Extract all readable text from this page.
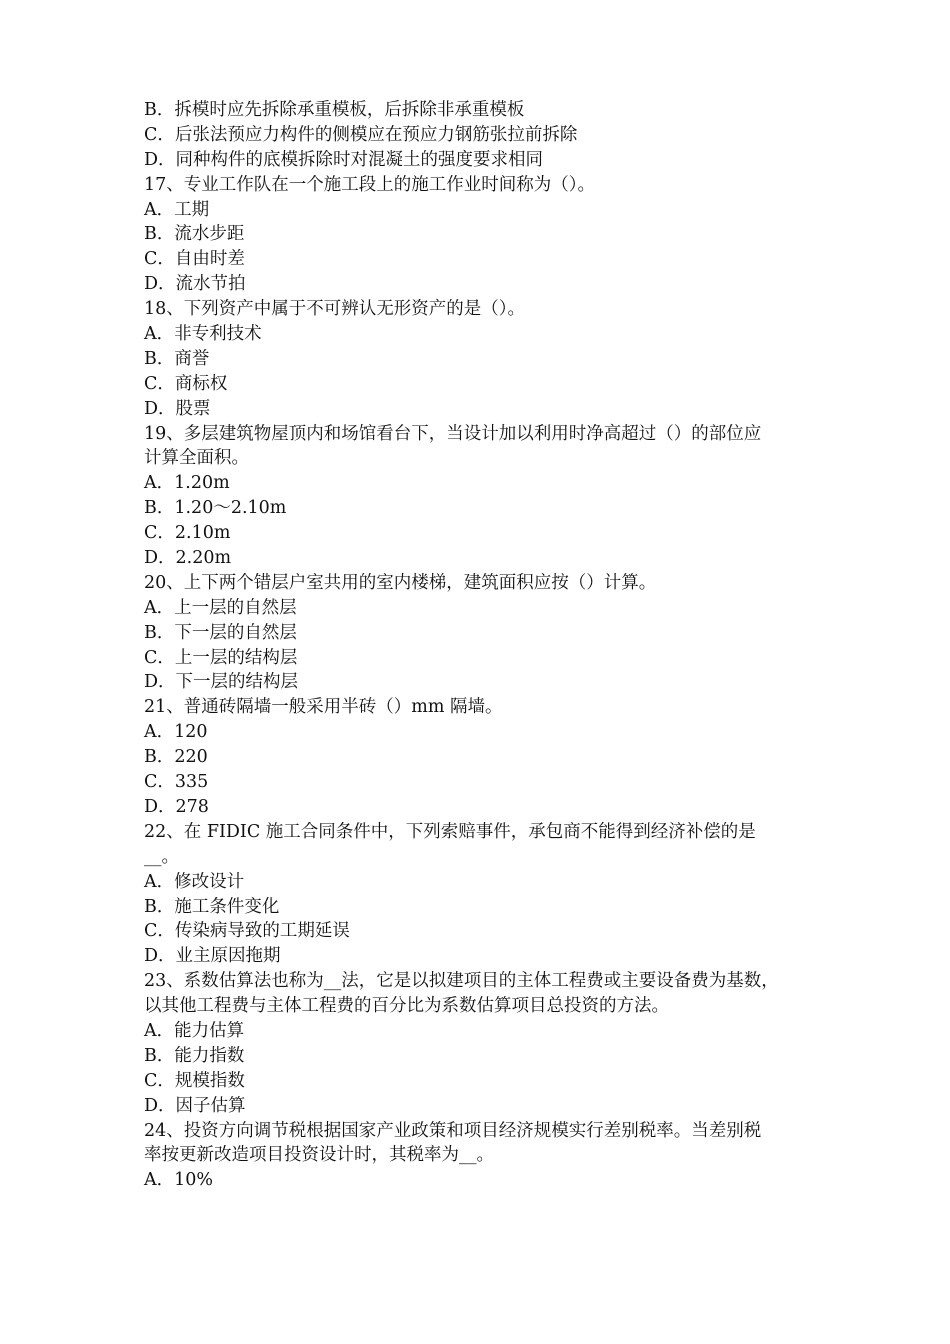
B．拆模时应先拆除承重模板，后拆除非承重模板
C．后张法预应力构件的侧模应在预应力钢筋张拉前拆除
D．同种构件的底模拆除时对混凝土的强度要求相同
17、专业工作队在一个施工段上的施工作业时间称为（）。
A．工期
B．流水步距
C．自由时差
D．流水节拍
18、下列资产中属于不可辨认无形资产的是（）。
A．非专利技术
B．商誉
C．商标权
D．股票
19、多层建筑物屋顶内和场馆看台下，当设计加以利用时净高超过（）的部位应
计算全面积。
A．1.20m
B．1.20～2.10m
C．2.10m
D．2.20m
20、上下两个错层户室共用的室内楼梯，建筑面积应按（）计算。
A．上一层的自然层
B．下一层的自然层
C．上一层的结构层
D．下一层的结构层
21、普通砖隔墙一般采用半砖（）mm 隔墙。
A．120
B．220
C．335
D．278
22、在 FIDIC 施工合同条件中，下列索赔事件，承包商不能得到经济补偿的是
__。
A．修改设计
B．施工条件变化
C．传染病导致的工期延误
D．业主原因拖期
23、系数估算法也称为__法，它是以拟建项目的主体工程费或主要设备费为基数，
以其他工程费与主体工程费的百分比为系数估算项目总投资的方法。
A．能力估算
B．能力指数
C．规模指数
D．因子估算
24、投资方向调节税根据国家产业政策和项目经济规模实行差别税率。当差别税
率按更新改造项目投资设计时，其税率为__。
A．10%
